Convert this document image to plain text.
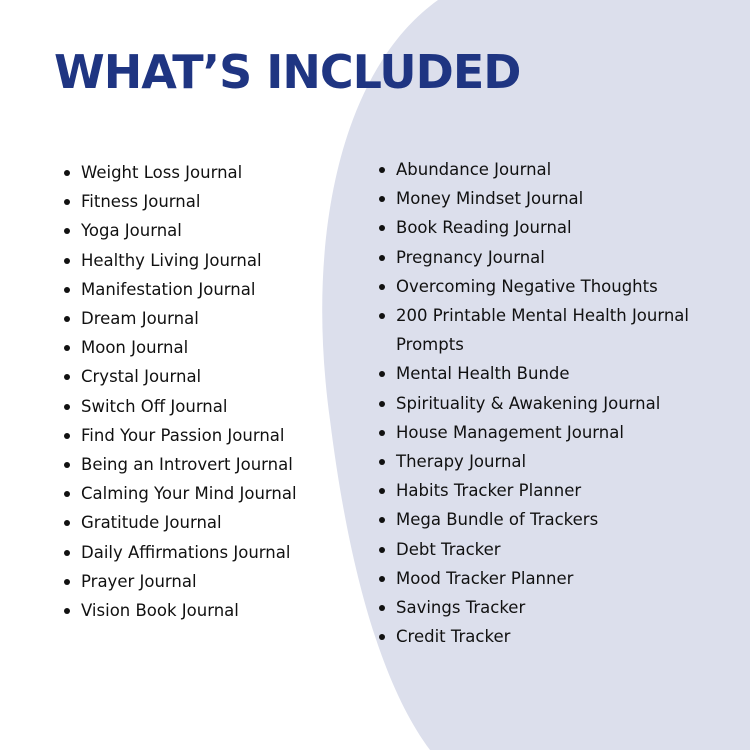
WHAT’S INCLUDED
Weight Loss Journal
Fitness Journal
Yoga Journal
Healthy Living Journal
Manifestation Journal
Dream Journal
Moon Journal
Crystal Journal
Switch Off Journal
Find Your Passion Journal
Being an Introvert Journal
Calming Your Mind Journal
Gratitude Journal
Daily Affirmations Journal
Prayer Journal
Vision Book Journal
Abundance Journal
Money Mindset Journal
Book Reading Journal
Pregnancy Journal
Overcoming Negative Thoughts
200 Printable Mental Health Journal Prompts
Mental Health Bunde
Spirituality & Awakening Journal
House Management Journal
Therapy Journal
Habits Tracker Planner
Mega Bundle of Trackers
Debt Tracker
Mood Tracker Planner
Savings Tracker
Credit Tracker
